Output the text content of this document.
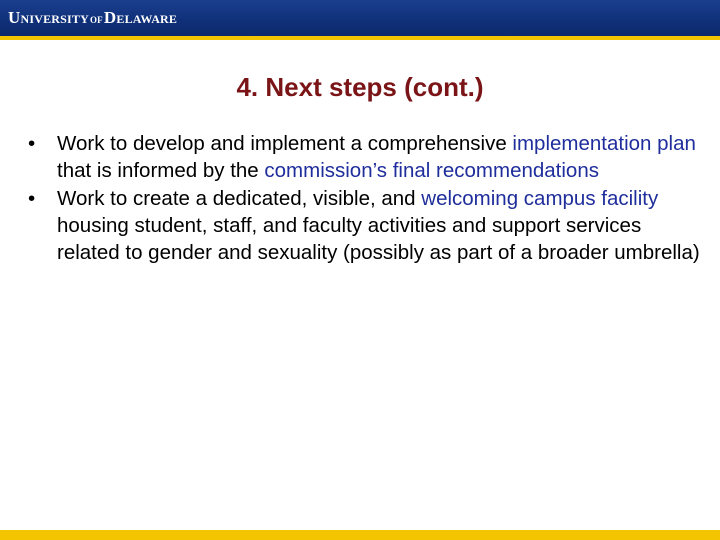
U NIVERSITY OF D ELAWARE
4. Next steps (cont.)
•	Work to develop and implement a comprehensive implementation plan that is informed by the commission’s final recommendations
•	Work to create a dedicated, visible, and welcoming campus facility housing student, staff, and faculty activities and support services related to gender and sexuality (possibly as part of a broader umbrella)
